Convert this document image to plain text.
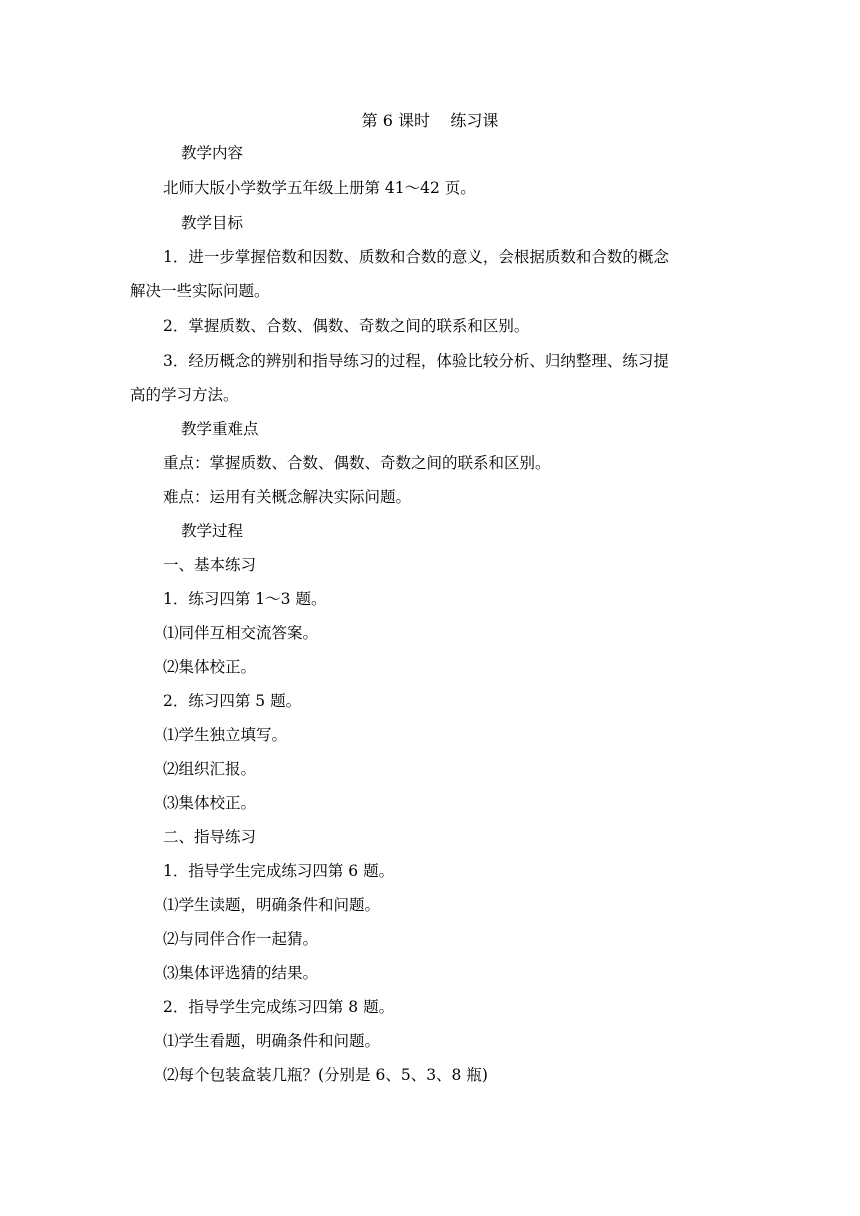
第 6 课时    练习课
教学内容
北师大版小学数学五年级上册第 41～42 页。
教学目标
1．进一步掌握倍数和因数、质数和合数的意义，会根据质数和合数的概念
解决一些实际问题。
2．掌握质数、合数、偶数、奇数之间的联系和区别。
3．经历概念的辨别和指导练习的过程，体验比较分析、归纳整理、练习提
高的学习方法。
教学重难点
重点：掌握质数、合数、偶数、奇数之间的联系和区别。
难点：运用有关概念解决实际问题。
教学过程
一、基本练习
1．练习四第 1～3 题。
⑴同伴互相交流答案。
⑵集体校正。
2．练习四第 5 题。
⑴学生独立填写。
⑵组织汇报。
⑶集体校正。
二、指导练习
1．指导学生完成练习四第 6 题。
⑴学生读题，明确条件和问题。
⑵与同伴合作一起猜。
⑶集体评选猜的结果。
2．指导学生完成练习四第 8 题。
⑴学生看题，明确条件和问题。
⑵每个包装盒装几瓶？(分别是 6、5、3、8 瓶)
